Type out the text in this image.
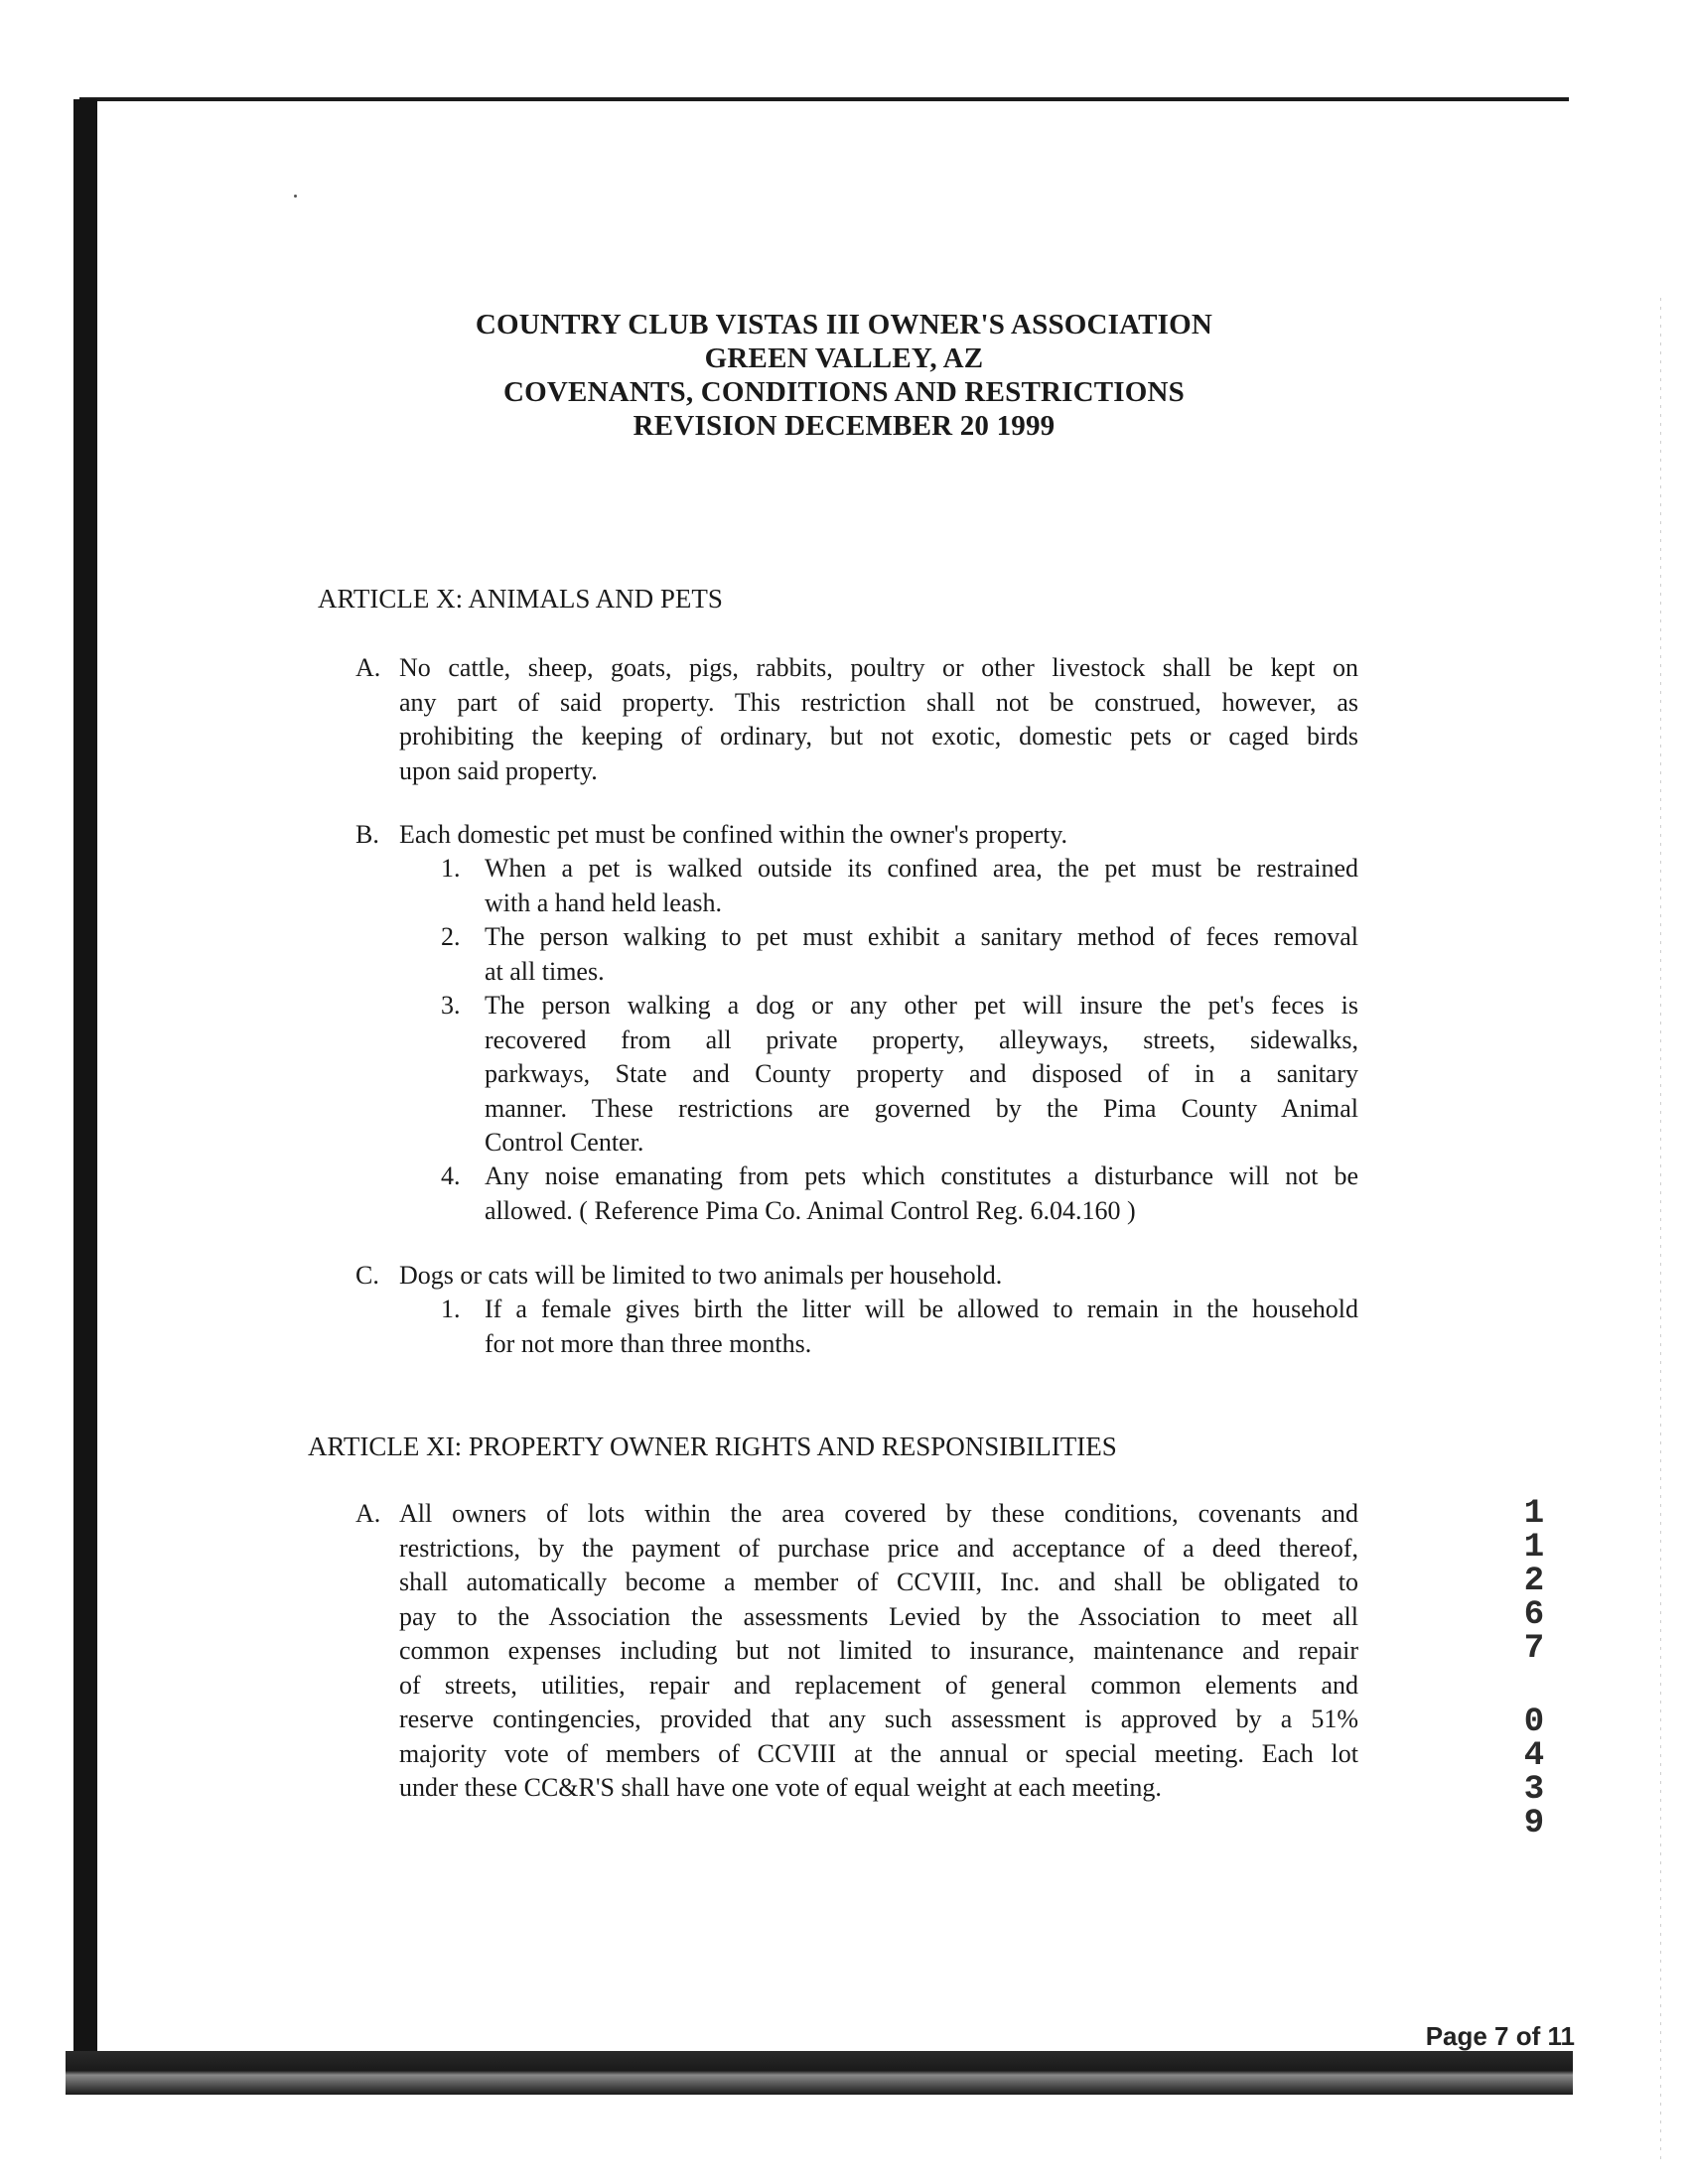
COUNTRY CLUB VISTAS III OWNER'S ASSOCIATION
GREEN VALLEY, AZ
COVENANTS, CONDITIONS AND RESTRICTIONS
REVISION DECEMBER 20 1999
ARTICLE X: ANIMALS AND PETS
A. No cattle, sheep, goats, pigs, rabbits, poultry or other livestock shall be kept on
any part of said property. This restriction shall not be construed, however, as
prohibiting the keeping of ordinary, but not exotic, domestic pets or caged birds
upon said property.
B. Each domestic pet must be confined within the owner's property.
1. When a pet is walked outside its confined area, the pet must be restrained
with a hand held leash.
2. The person walking to pet must exhibit a sanitary method of feces removal
at all times.
3. The person walking a dog or any other pet will insure the pet's feces is
recovered from all private property, alleyways, streets, sidewalks,
parkways, State and County property and disposed of in a sanitary
manner. These restrictions are governed by the Pima County Animal
Control Center.
4. Any noise emanating from pets which constitutes a disturbance will not be
allowed. ( Reference Pima Co. Animal Control Reg. 6.04.160 )
C. Dogs or cats will be limited to two animals per household.
1. If a female gives birth the litter will be allowed to remain in the household
for not more than three months.
ARTICLE XI: PROPERTY OWNER RIGHTS AND RESPONSIBILITIES
A. All owners of lots within the area covered by these conditions, covenants and
restrictions, by the payment of purchase price and acceptance of a deed thereof,
shall automatically become a member of CCVIII, Inc. and shall be obligated to
pay to the Association the assessments Levied by the Association to meet all
common expenses including but not limited to insurance, maintenance and repair
of streets, utilities, repair and replacement of general common elements and
reserve contingencies, provided that any such assessment is approved by a 51%
majority vote of members of CCVIII at the annual or special meeting. Each lot
under these CC&R'S shall have one vote of equal weight at each meeting.
1
1
2
6
7
0
4
3
9
Page 7 of 11
